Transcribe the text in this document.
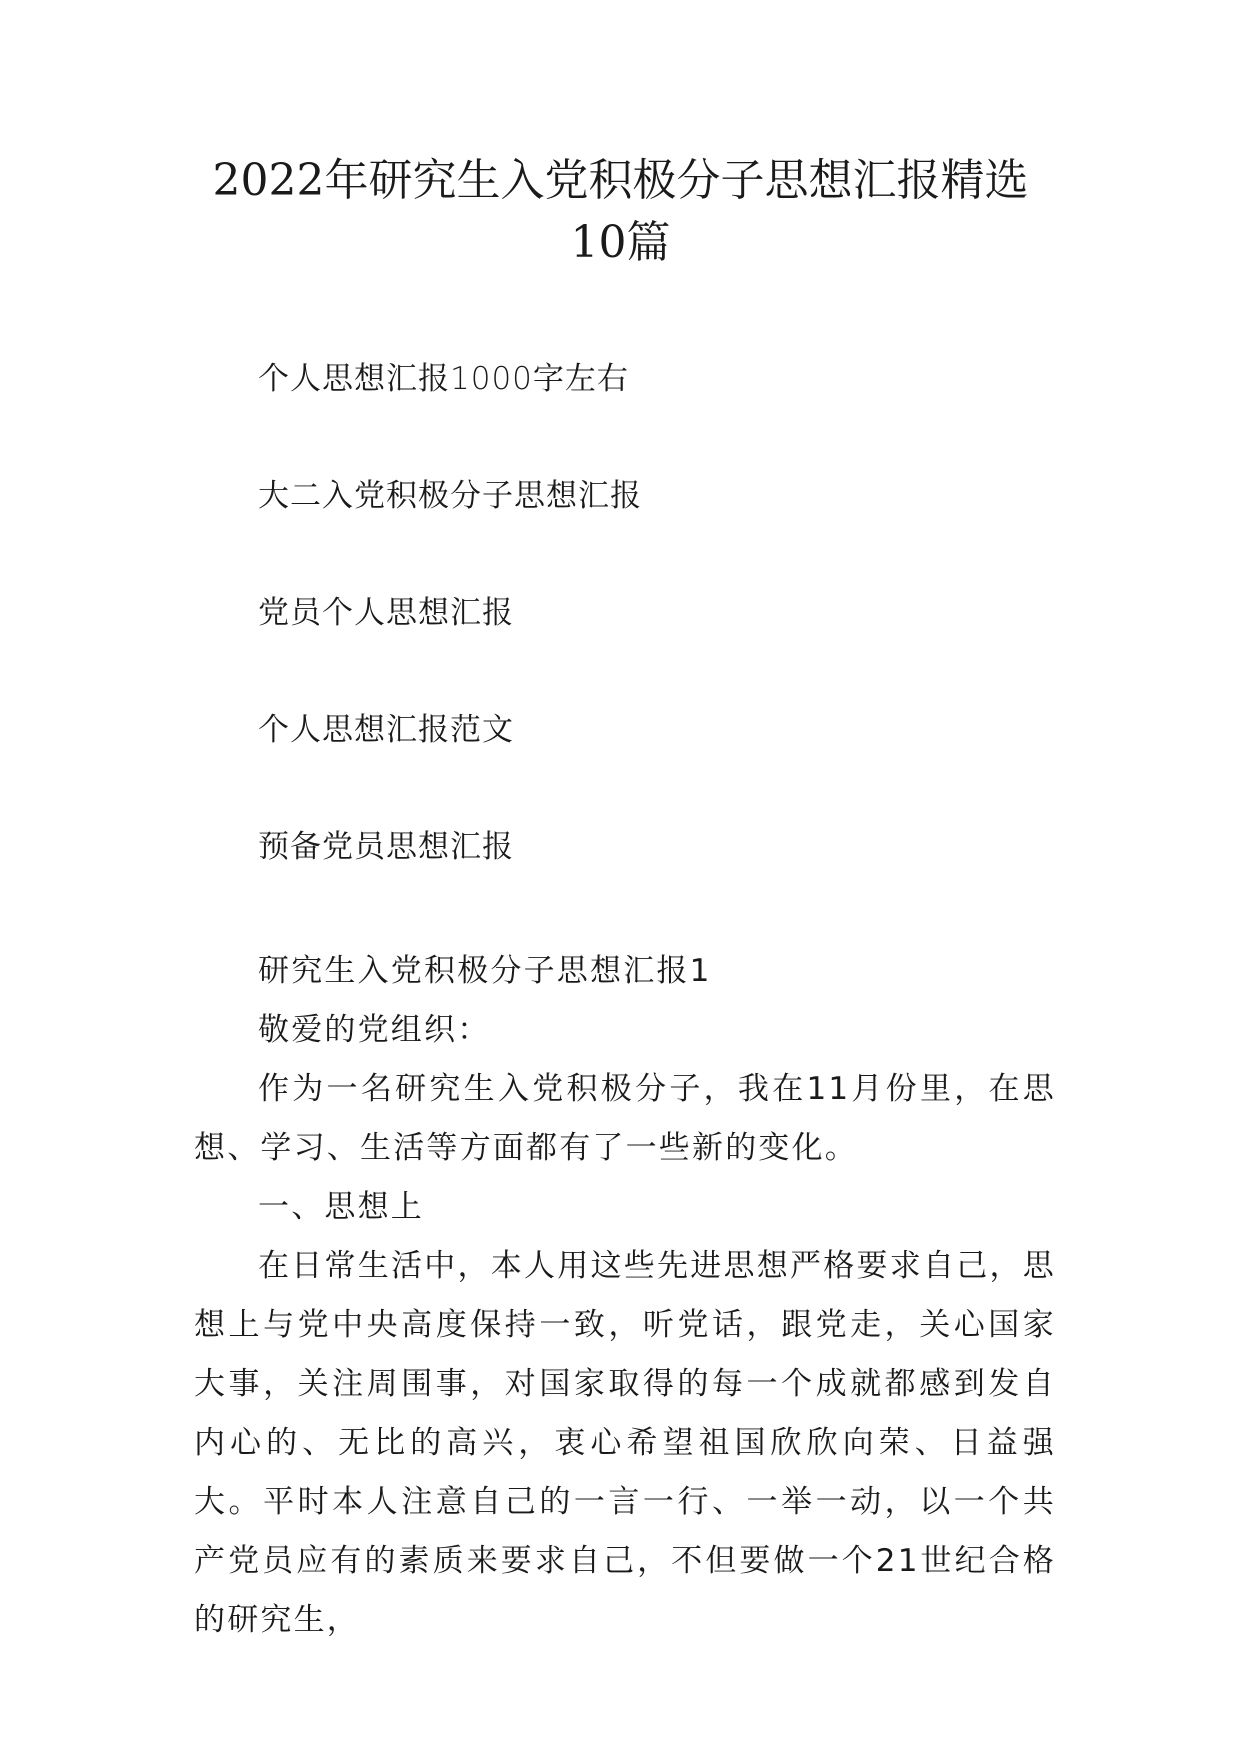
2022年研究生入党积极分子思想汇报精选
10篇
个人思想汇报1000字左右
大二入党积极分子思想汇报
党员个人思想汇报
个人思想汇报范文
预备党员思想汇报

研究生入党积极分子思想汇报1

敬爱的党组织：

作为一名研究生入党积极分子，我在11月份里，在思想、学习、生活等方面都有了一些新的变化。

一、思想上

在日常生活中，本人用这些先进思想严格要求自己，思想上与党中央高度保持一致，听党话，跟党走，关心国家大事，关注周围事，对国家取得的每一个成就都感到发自内心的、无比的高兴，衷心希望祖国欣欣向荣、日益强大。平时本人注意自己的一言一行、一举一动，以一个共产党员应有的素质来要求自己，不但要做一个21世纪合格的研究生，
